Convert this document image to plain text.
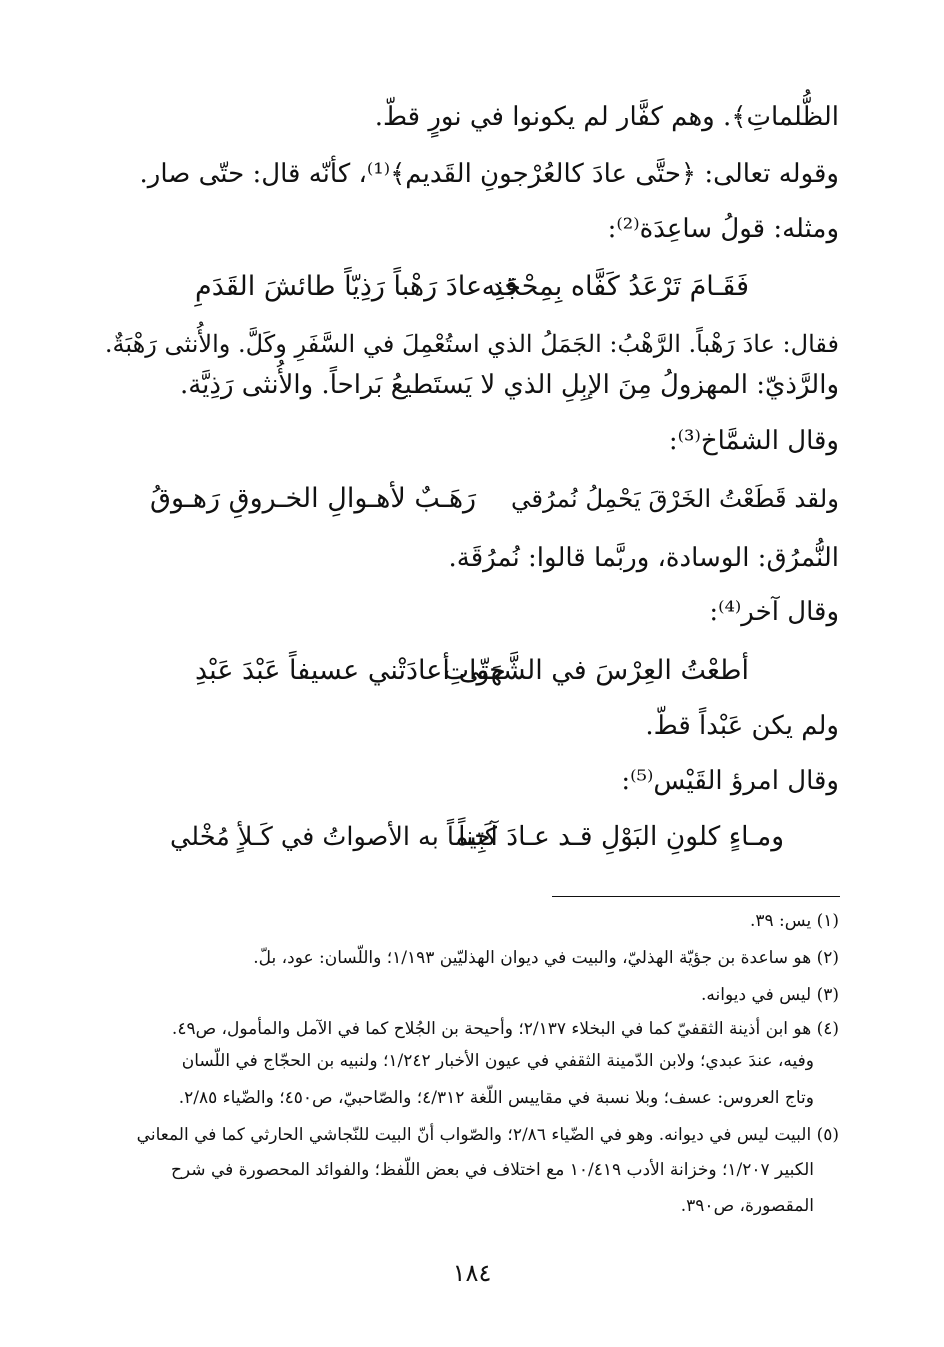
الظُّلماتِ﴾. وهم كفَّار لم يكونوا في نورٍ قطّ.
وقوله تعالى: ﴿حتَّى عادَ كالعُرْجونِ القَديم﴾⁽¹⁾، كأنّه قال: حتّى صار.
ومثله: قولُ ساعِدَة⁽²⁾:
فَقَـامَ تَرْعَدُ كَفَّاه بِمِحْجَنِه
قد عادَ رَهْباً رَذِيّاً طائشَ القَدَمِ
فقال: عادَ رَهْباً. الرَّهْبُ: الجَمَلُ الذي استُعْمِلَ في السَّفَرِ وكَلَّ. والأُنثى رَهْبَةٌ.
والرَّذيّ: المهزولُ مِنَ الإبِلِ الذي لا يَستَطيعُ بَراحاً. والأُنثى رَذِيَّة.
وقال الشمَّاخ⁽³⁾:
ولقد قَطَعْتُ الخَرْقَ يَحْمِلُ نُمرُقي
رَهَـبٌ لأهـوالِ الخـروقِ رَهـوقُ
النُّمرُق: الوسادة، وربَّما قالوا: نُمرُقَة.
وقال آخر⁽⁴⁾:
أطعْتُ العِرْسَ في الشَّهَواتِ
حتّى أعادَتْني عسيفاً عَبْدَ عَبْدِ
ولم يكن عَبْداً قطّ.
وقال امرؤ القَيْس⁽⁵⁾:
ومـاءٍ كلونِ البَوْلِ قـد عـادَ آجِناً
كَتيماً به الأصواتُ في كَـلأٍ مُخْلي
(١) يس: ٣٩.
(٢) هو ساعدة بن جؤيّة الهذليّ، والبيت في ديوان الهذليّين ١/١٩٣؛ واللّسان: عود، بلّ.
(٣) ليس في ديوانه.
(٤) هو ابن أذينة الثقفيّ كما في البخلاء ٢/١٣٧؛ وأحيحة بن الجُلاح كما في الآمل والمأمول، ص٤٩.
وفيه، عندَ عبدي؛ ولابن الدّمينة الثقفي في عيون الأخبار ١/٢٤٢؛ ولنبيه بن الحجّاج في اللّسان
وتاج العروس: عسف؛ وبلا نسبة في مقاييس اللّغة ٤/٣١٢؛ والصّاحبيّ، ص٤٥٠؛ والضّياء ٢/٨٥.
(٥) البيت ليس في ديوانه. وهو في الضّياء ٢/٨٦؛ والصّواب أنّ البيت للنّجاشي الحارثي كما في المعاني
الكبير ١/٢٠٧؛ وخزانة الأدب ١٠/٤١٩ مع اختلاف في بعض اللّفظ؛ والفوائد المحصورة في شرح
المقصورة، ص٣٩٠.
١٨٤
